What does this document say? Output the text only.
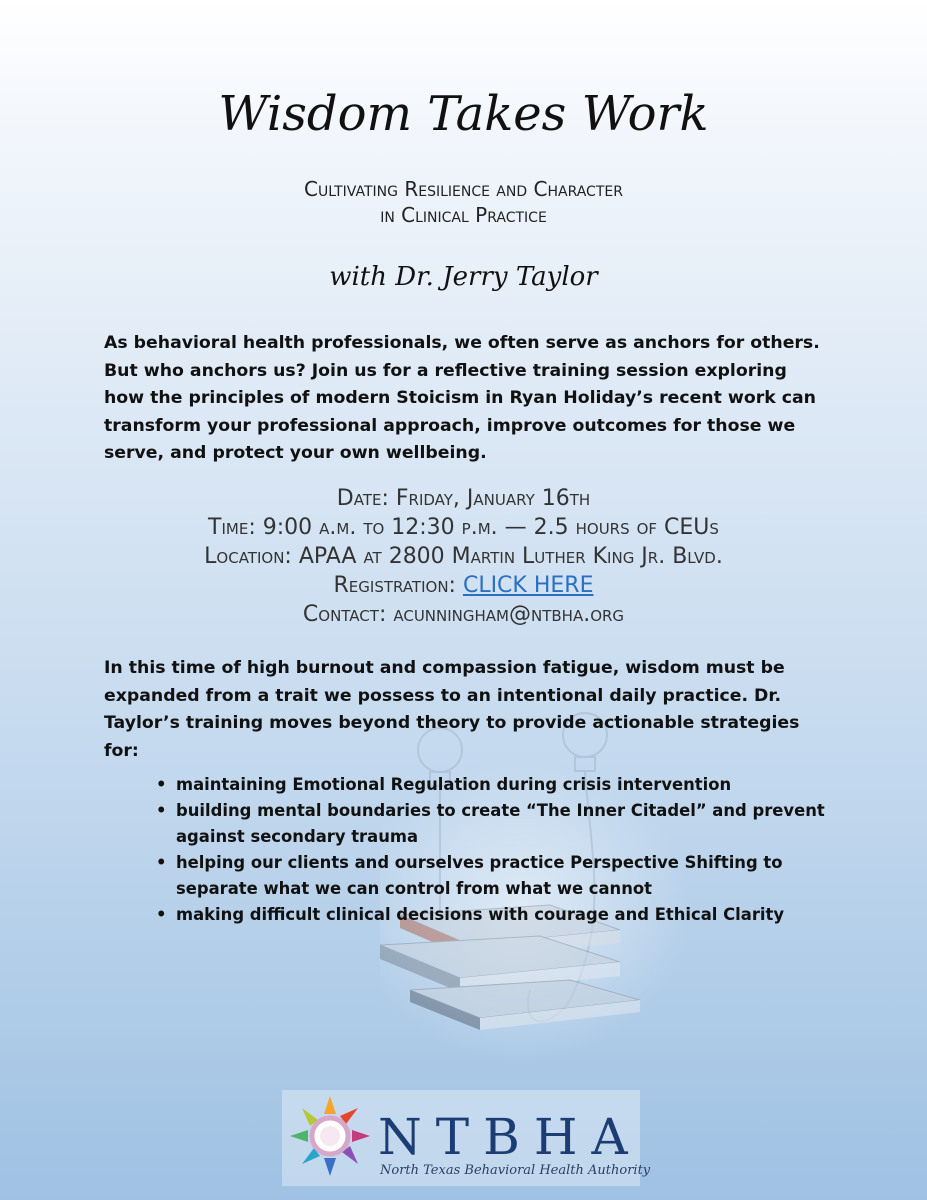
Wisdom Takes Work
Cultivating Resilience and Character
in Clinical Practice
with Dr. Jerry Taylor
As behavioral health professionals, we often serve as anchors for others. But who anchors us? Join us for a reflective training session exploring how the principles of modern Stoicism in Ryan Holiday’s recent work can transform your professional approach, improve outcomes for those we serve, and protect your own wellbeing.
Date: Friday, January 16th
Time: 9:00 a.m. to 12:30 p.m. — 2.5 hours of CEUs
Location: APAA at 2800 Martin Luther King Jr. Blvd.
Registration: CLICK HERE
Contact: acunningham@ntbha.org
In this time of high burnout and compassion fatigue, wisdom must be expanded from a trait we possess to an intentional daily practice. Dr. Taylor’s training moves beyond theory to provide actionable strategies for:
• maintaining Emotional Regulation during crisis intervention
• building mental boundaries to create “The Inner Citadel” and prevent against secondary trauma
• helping our clients and ourselves practice Perspective Shifting to separate what we can control from what we cannot
• making difficult clinical decisions with courage and Ethical Clarity
NTBHA
North Texas Behavioral Health Authority
